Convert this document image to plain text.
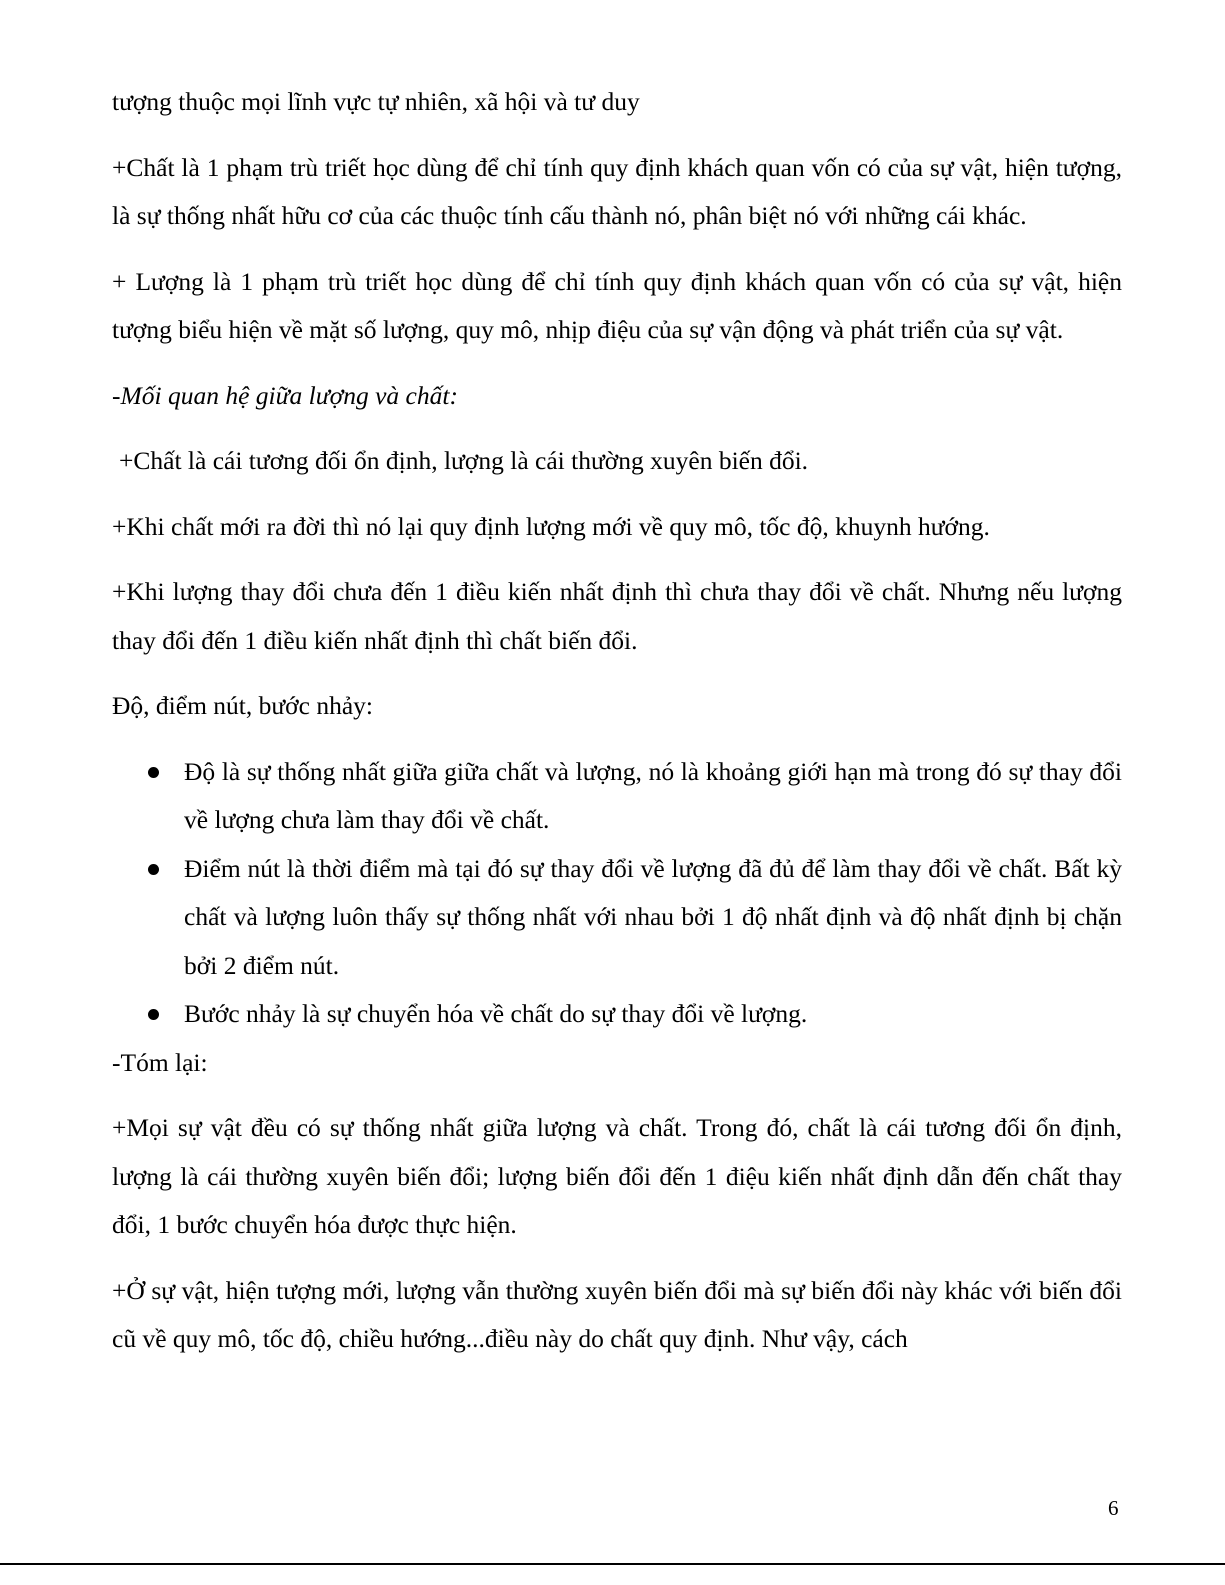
tượng thuộc mọi lĩnh vực tự nhiên, xã hội và tư duy

+Chất là 1 phạm trù triết học dùng để chỉ tính quy định khách quan vốn có của sự vật, hiện tượng, là sự thống nhất hữu cơ của các thuộc tính cấu thành nó, phân biệt nó với những cái khác.

+ Lượng là 1 phạm trù triết học dùng để chỉ tính quy định khách quan vốn có của sự vật, hiện tượng biểu hiện về mặt số lượng, quy mô, nhịp điệu của sự vận động và phát triển của sự vật.

-Mối quan hệ giữa lượng và chất:

+Chất là cái tương đối ổn định, lượng là cái thường xuyên biến đổi.

+Khi chất mới ra đời thì nó lại quy định lượng mới về quy mô, tốc độ, khuynh hướng.

+Khi lượng thay đổi chưa đến 1 điều kiến nhất định thì chưa thay đổi về chất. Nhưng nếu lượng thay đổi đến 1 điều kiến nhất định thì chất biến đổi.

Độ, điểm nút, bước nhảy:

Độ là sự thống nhất giữa giữa chất và lượng, nó là khoảng giới hạn mà trong đó sự thay đổi về lượng chưa làm thay đổi về chất.
Điểm nút là thời điểm mà tại đó sự thay đổi về lượng đã đủ để làm thay đổi về chất. Bất kỳ chất và lượng luôn thấy sự thống nhất với nhau bởi 1 độ nhất định và độ nhất định bị chặn bởi 2 điểm nút.
Bước nhảy là sự chuyển hóa về chất do sự thay đổi về lượng.

-Tóm lại:

+Mọi sự vật đều có sự thống nhất giữa lượng và chất. Trong đó, chất là cái tương đối ổn định, lượng là cái thường xuyên biến đổi; lượng biến đổi đến 1 điệu kiến nhất định dẫn đến chất thay đổi, 1 bước chuyển hóa được thực hiện.

+Ở sự vật, hiện tượng mới, lượng vẫn thường xuyên biến đổi mà sự biến đổi này khác với biến đổi cũ về quy mô, tốc độ, chiều hướng...điều này do chất quy định. Như vậy, cách

6
